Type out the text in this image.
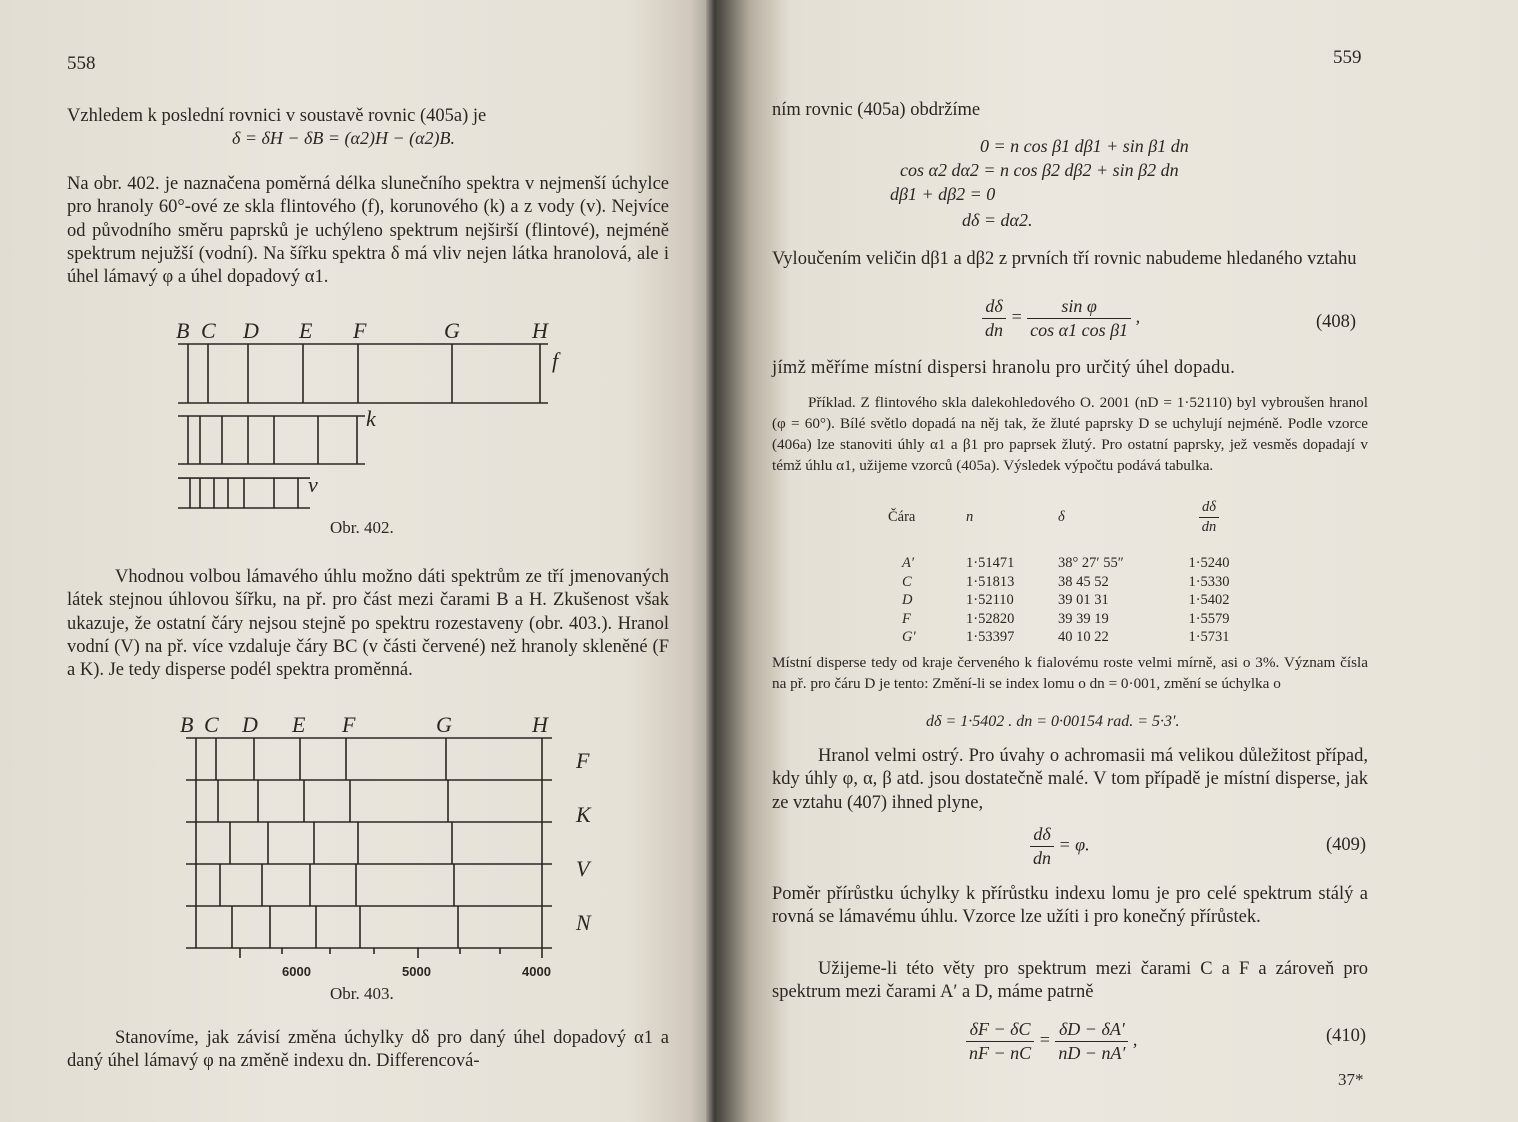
558
Vzhledem k poslední rovnici v soustavě rovnic (405a) je
δ = δH − δB = (α2)H − (α2)B.
Na obr. 402. je naznačena poměrná délka slunečního spektra v nejmenší úchylce pro hranoly 60°-ové ze skla flintového (f), korunového (k) a z vody (v). Nejvíce od původního směru paprsků je uchýleno spektrum nejširší (flintové), nejméně spektrum nejužší (vodní). Na šířku spektra δ má vliv nejen látka hranolová, ale i úhel lámavý φ a úhel dopadový α1.
B C D E F	G	H
f
k
v
Obr. 402.
Vhodnou volbou lámavého úhlu možno dáti spektrům ze tří jmenovaných látek stejnou úhlovou šířku, na př. pro část mezi čarami B a H. Zkušenost však ukazuje, že ostatní čáry nejsou stejně po spektru rozestaveny (obr. 403.). Hranol vodní (V) na př. více vzdaluje čáry BC (v části červené) než hranoly skleněné (F a K). Je tedy disperse podél spektra proměnná.
B C D E F	G	H
F
K
V
N
6000	5000	4000
Obr. 403.
Stanovíme, jak závisí změna úchylky dδ pro daný úhel dopadový α1 a daný úhel lámavý φ na změně indexu dn. Differencová-
559
ním rovnic (405a) obdržíme
0 = n cos β1 dβ1 + sin β1 dn
cos α2 dα2 = n cos β2 dβ2 + sin β2 dn
dβ1 + dβ2 = 0
dδ = dα2.
Vyloučením veličin dβ1 a dβ2 z prvních tří rovnic nabudeme hledaného vztahu
$\frac{d\delta}{dn} = \frac{\text{sin φ}}{\text{cos α1 cos β1}}$ ,	(408)
jímž měříme místní dispersi hranolu pro určitý úhel dopadu.
Příklad. Z flintového skla dalekohledového O. 2001 (nD = 1·52110) byl vybroušen hranol (φ = 60°). Bílé světlo dopadá na něj tak, že žluté paprsky D se uchylují nejméně. Podle vzorce (406a) lze stanoviti úhly α1 a β1 pro paprsek žlutý. Pro ostatní paprsky, jež vesměs dopadají v témž úhlu α1, užijeme vzorců (405a). Výsledek výpočtu podává tabulka.
Čára	n	δ	$\frac{d\delta}{dn}$

A′	1·51471	38° 27′ 55″	1·5240
C	1·51813	38 45 52	1·5330
D	1·52110	39 01 31	1·5402
F	1·52820	39 39 19	1·5579
G′	1·53397	40 10 22	1·5731
Místní disperse tedy od kraje červeného k fialovému roste velmi mírně, asi o 3%. Význam čísla na př. pro čáru D je tento: Změní-li se index lomu o dn = 0·001, změní se úchylka o
dδ = 1·5402 . dn = 0·00154 rad. = 5·3′.
Hranol velmi ostrý. Pro úvahy o achromasii má velikou důležitost případ, kdy úhly φ, α, β atd. jsou dostatečně malé. V tom případě je místní disperse, jak ze vztahu (407) ihned plyne,
$\frac{d\delta}{dn} = \varphi$.	(409)
Poměr přírůstku úchylky k přírůstku indexu lomu je pro celé spektrum stálý a rovná se lámavému úhlu. Vzorce lze užíti i pro konečný přírůstek.
Užijeme-li této věty pro spektrum mezi čarami C a F a zároveň pro spektrum mezi čarami A′ a D, máme patrně
$\frac{\delta F - \delta C}{nF - nC} = \frac{\delta D - \delta A'}{nD - nA'}$ ,	(410)
37*
